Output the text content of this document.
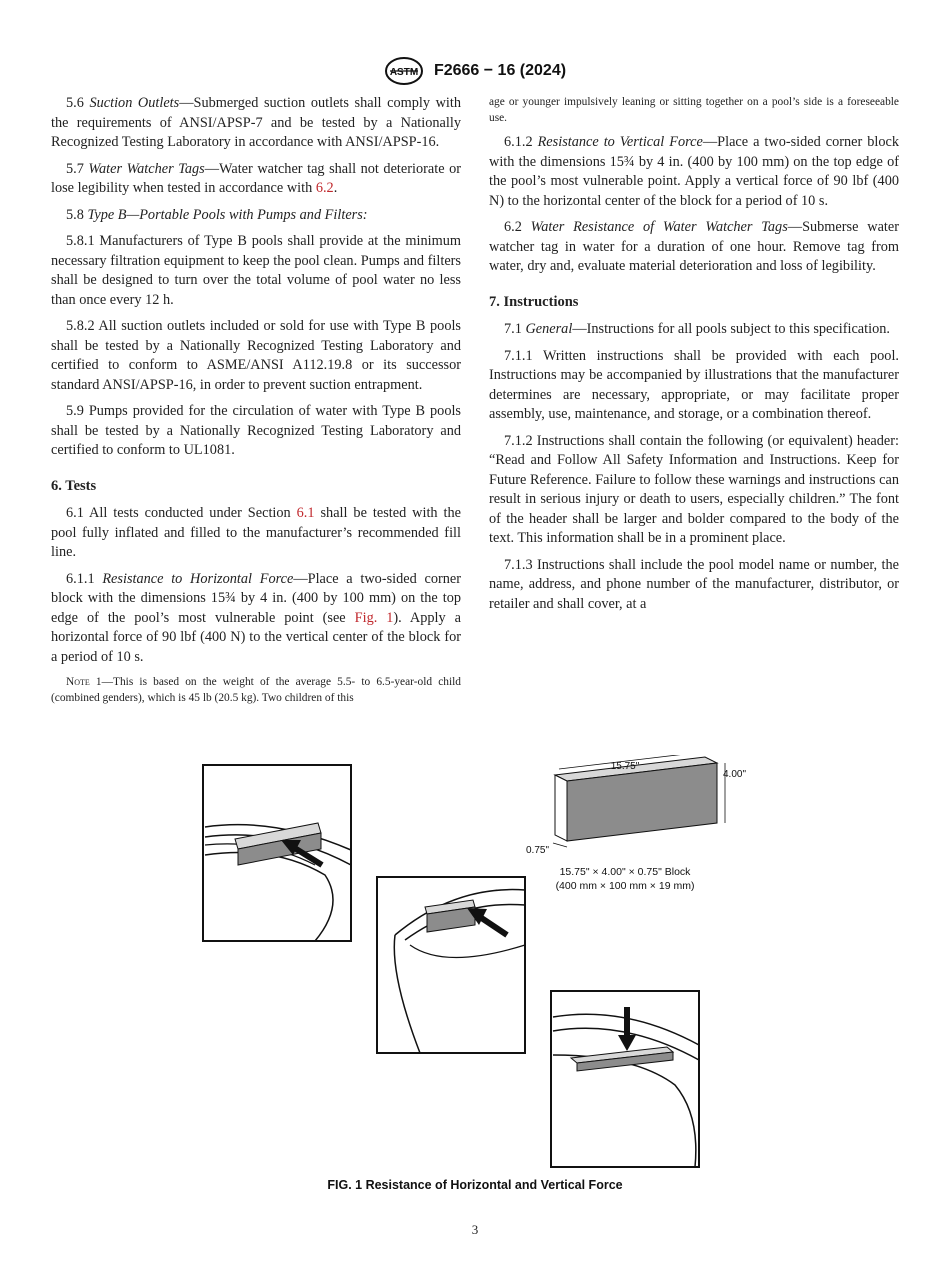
ASTM F2666 − 16 (2024)

5.6 Suction Outlets—Submerged suction outlets shall comply with the requirements of ANSI/APSP-7 and be tested by a Nationally Recognized Testing Laboratory in accordance with ANSI/APSP-16.

5.7 Water Watcher Tags—Water watcher tag shall not deteriorate or lose legibility when tested in accordance with 6.2.

5.8 Type B—Portable Pools with Pumps and Filters:

5.8.1 Manufacturers of Type B pools shall provide at the minimum necessary filtration equipment to keep the pool clean. Pumps and filters shall be designed to turn over the total volume of pool water no less than once every 12 h.

5.8.2 All suction outlets included or sold for use with Type B pools shall be tested by a Nationally Recognized Testing Laboratory and certified to conform to ASME/ANSI A112.19.8 or its successor standard ANSI/APSP-16, in order to prevent suction entrapment.

5.9 Pumps provided for the circulation of water with Type B pools shall be tested by a Nationally Recognized Testing Laboratory and certified to conform to UL1081.

6. Tests

6.1 All tests conducted under Section 6.1 shall be tested with the pool fully inflated and filled to the manufacturer’s recommended fill line.

6.1.1 Resistance to Horizontal Force—Place a two-sided corner block with the dimensions 15¾ by 4 in. (400 by 100 mm) on the top edge of the pool’s most vulnerable point (see Fig. 1). Apply a horizontal force of 90 lbf (400 N) to the vertical center of the block for a period of 10 s.

Note 1—This is based on the weight of the average 5.5- to 6.5-year-old child (combined genders), which is 45 lb (20.5 kg). Two children of this

age or younger impulsively leaning or sitting together on a pool’s side is a foreseeable use.

6.1.2 Resistance to Vertical Force—Place a two-sided corner block with the dimensions 15¾ by 4 in. (400 by 100 mm) on the top edge of the pool’s most vulnerable point. Apply a vertical force of 90 lbf (400 N) to the horizontal center of the block for a period of 10 s.

6.2 Water Resistance of Water Watcher Tags—Submerse water watcher tag in water for a duration of one hour. Remove tag from water, dry and, evaluate material deterioration and loss of legibility.

7. Instructions

7.1 General—Instructions for all pools subject to this specification.

7.1.1 Written instructions shall be provided with each pool. Instructions may be accompanied by illustrations that the manufacturer determines are necessary, appropriate, or may facilitate proper assembly, use, maintenance, and storage, or a combination thereof.

7.1.2 Instructions shall contain the following (or equivalent) header: “Read and Follow All Safety Information and Instructions. Keep for Future Reference. Failure to follow these warnings and instructions can result in serious injury or death to users, especially children.” The font of the header shall be larger and bolder compared to the body of the text. This information shall be in a prominent place.

7.1.3 Instructions shall include the pool model name or number, the name, address, and phone number of the manufacturer, distributor, or retailer and shall cover, at a

15.75"
4.00"
0.75"
15.75" × 4.00" × 0.75" Block
(400 mm × 100 mm × 19 mm)
FIG. 1 Resistance of Horizontal and Vertical Force
3
